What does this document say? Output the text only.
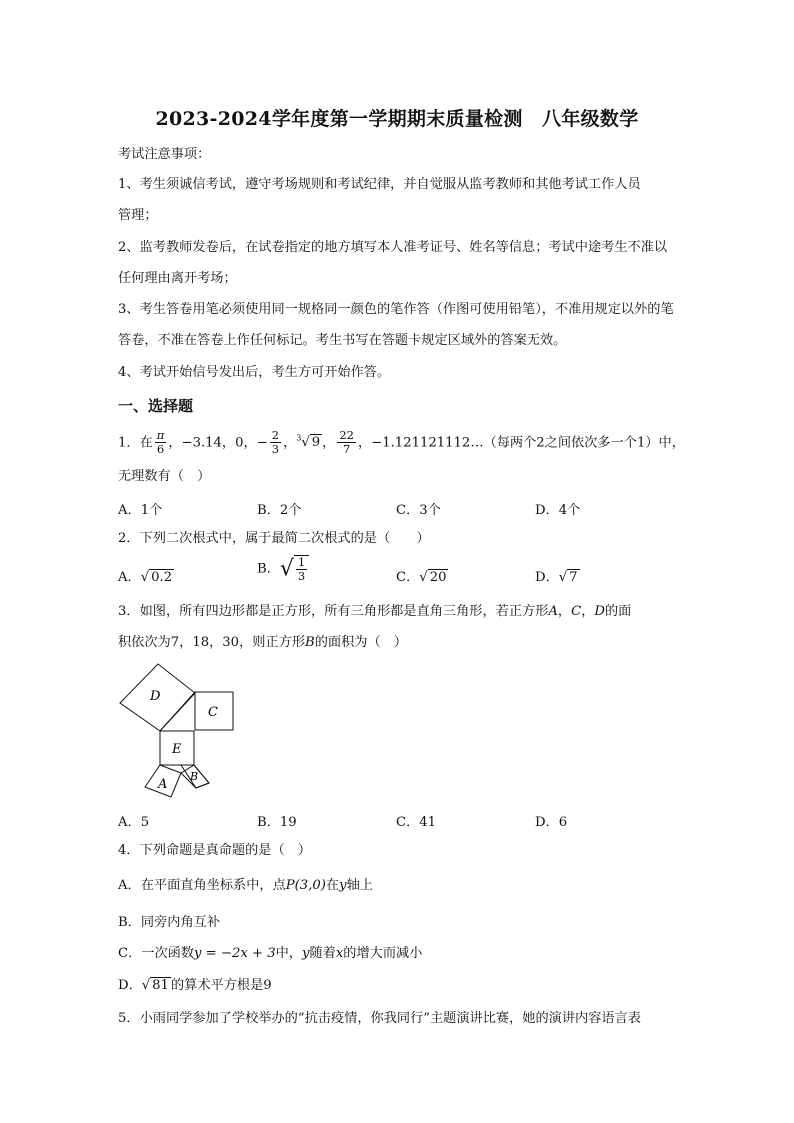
2023-2024学年度第一学期期末质量检测　八年级数学
考试注意事项：
1、考生须诚信考试，遵守考场规则和考试纪律，并自觉服从监考教师和其他考试工作人员
管理；
2、监考教师发卷后，在试卷指定的地方填写本人准考证号、姓名等信息；考试中途考生不准以
任何理由离开考场；
3、考生答卷用笔必须使用同一规格同一颜色的笔作答（作图可使用铅笔），不准用规定以外的笔
答卷，不准在答卷上作任何标记。考生书写在答题卡规定区域外的答案无效。
4、考试开始信号发出后，考生方可开始作答。
一、选择题
1．在 $\frac{\pi}{6}$ ，−3.14，0，− $\frac{2}{3}$ ，$^3$√ 9 ， $\frac{22}{7}$ ，−1.121121112…（每两个2之间依次多一个1）中，
无理数有（　）
A．1个	B．2个	C．3个	D．4个
2．下列二次根式中，属于最简二次根式的是（　　）
A．√ 0.2
B．√ $\frac{1}{3}$	C．√ 20	D．√ 7
3．如图，所有四边形都是正方形，所有三角形都是直角三角形，若正方形A，C，D的面
积依次为7，18，30，则正方形B的面积为（　）
D
C
E
A
B
A．5	B．19	C．41	D．6
4．下列命题是真命题的是（　）
A．在平面直角坐标系中，点P(3,0)在y轴上
B．同旁内角互补
C．一次函数y = −2x + 3中，y随着x的增大而减小
D．√ 81 的算术平方根是9
5．小雨同学参加了学校举办的“抗击疫情，你我同行”主题演讲比赛，她的演讲内容语言表
